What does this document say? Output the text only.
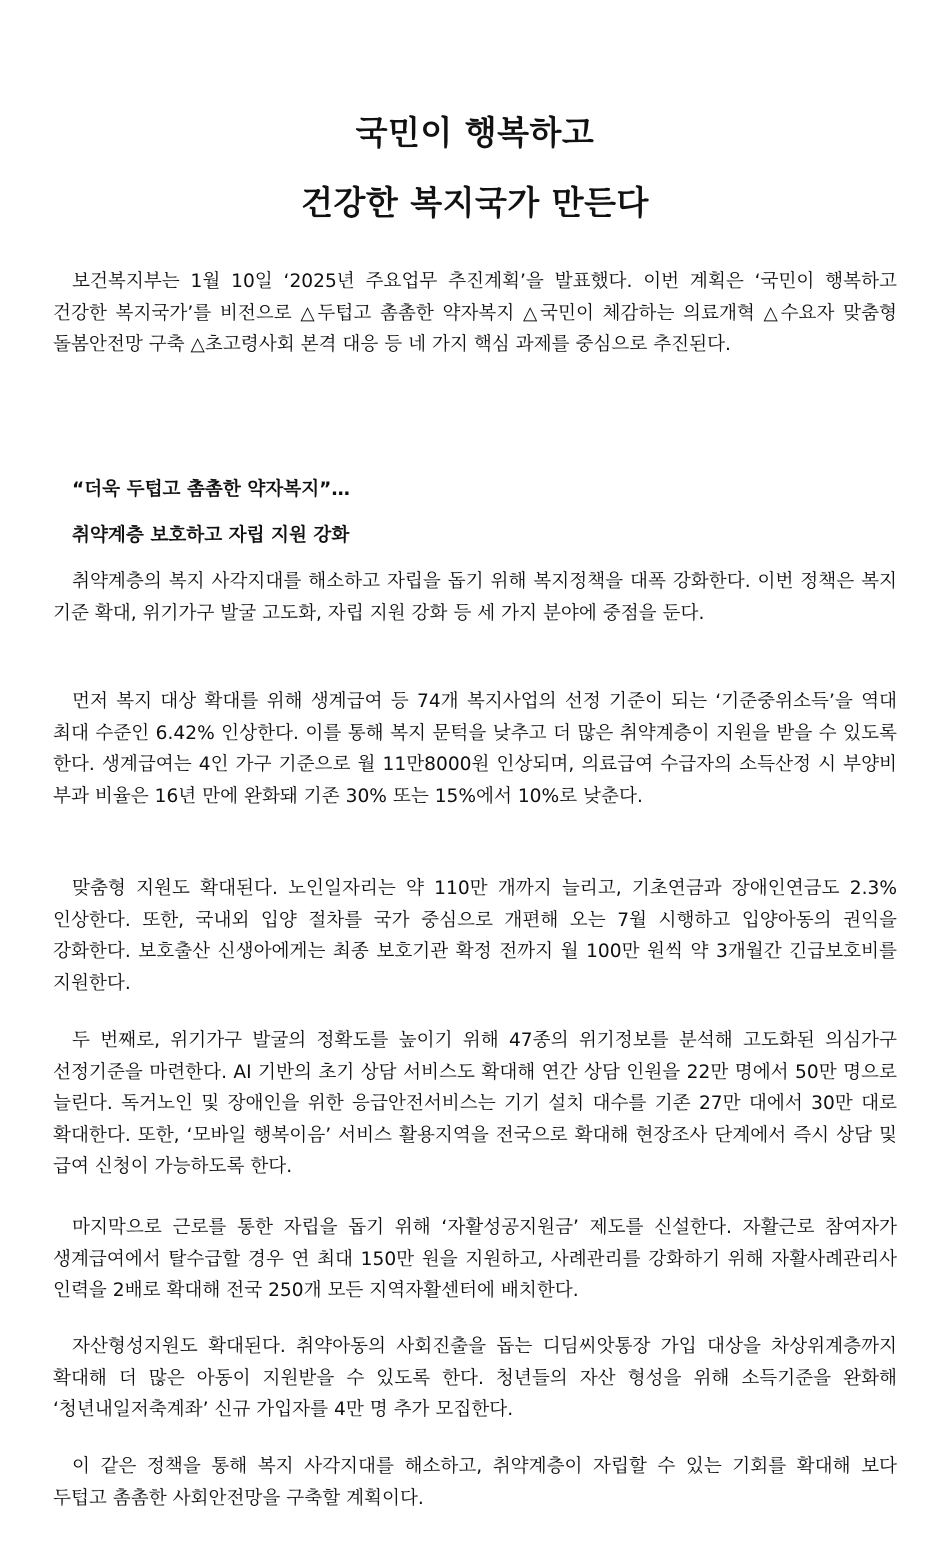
국민이 행복하고
건강한 복지국가 만든다

보건복지부는 1월 10일 ‘2025년 주요업무 추진계획’을 발표했다. 이번 계획은 ‘국민이 행복하고 건강한 복지국가’를 비전으로 △두텁고 촘촘한 약자복지 △국민이 체감하는 의료개혁 △수요자 맞춤형 돌봄안전망 구축 △초고령사회 본격 대응 등 네 가지 핵심 과제를 중심으로 추진된다.

“더욱 두텁고 촘촘한 약자복지”…

취약계층 보호하고 자립 지원 강화

취약계층의 복지 사각지대를 해소하고 자립을 돕기 위해 복지정책을 대폭 강화한다. 이번 정책은 복지 기준 확대, 위기가구 발굴 고도화, 자립 지원 강화 등 세 가지 분야에 중점을 둔다.

먼저 복지 대상 확대를 위해 생계급여 등 74개 복지사업의 선정 기준이 되는 ‘기준중위소득’을 역대 최대 수준인 6.42% 인상한다. 이를 통해 복지 문턱을 낮추고 더 많은 취약계층이 지원을 받을 수 있도록 한다. 생계급여는 4인 가구 기준으로 월 11만8000원 인상되며, 의료급여 수급자의 소득산정 시 부양비 부과 비율은 16년 만에 완화돼 기존 30% 또는 15%에서 10%로 낮춘다.

맞춤형 지원도 확대된다. 노인일자리는 약 110만 개까지 늘리고, 기초연금과 장애인연금도 2.3% 인상한다. 또한, 국내외 입양 절차를 국가 중심으로 개편해 오는 7월 시행하고 입양아동의 권익을 강화한다. 보호출산 신생아에게는 최종 보호기관 확정 전까지 월 100만 원씩 약 3개월간 긴급보호비를 지원한다.

두 번째로, 위기가구 발굴의 정확도를 높이기 위해 47종의 위기정보를 분석해 고도화된 의심가구 선정기준을 마련한다. AI 기반의 초기 상담 서비스도 확대해 연간 상담 인원을 22만 명에서 50만 명으로 늘린다. 독거노인 및 장애인을 위한 응급안전서비스는 기기 설치 대수를 기존 27만 대에서 30만 대로 확대한다. 또한, ‘모바일 행복이음’ 서비스 활용지역을 전국으로 확대해 현장조사 단계에서 즉시 상담 및 급여 신청이 가능하도록 한다.

마지막으로 근로를 통한 자립을 돕기 위해 ‘자활성공지원금’ 제도를 신설한다. 자활근로 참여자가 생계급여에서 탈수급할 경우 연 최대 150만 원을 지원하고, 사례관리를 강화하기 위해 자활사례관리사 인력을 2배로 확대해 전국 250개 모든 지역자활센터에 배치한다.

자산형성지원도 확대된다. 취약아동의 사회진출을 돕는 디딤씨앗통장 가입 대상을 차상위계층까지 확대해 더 많은 아동이 지원받을 수 있도록 한다. 청년들의 자산 형성을 위해 소득기준을 완화해 ‘청년내일저축계좌’ 신규 가입자를 4만 명 추가 모집한다.

이 같은 정책을 통해 복지 사각지대를 해소하고, 취약계층이 자립할 수 있는 기회를 확대해 보다 두텁고 촘촘한 사회안전망을 구축할 계획이다.
